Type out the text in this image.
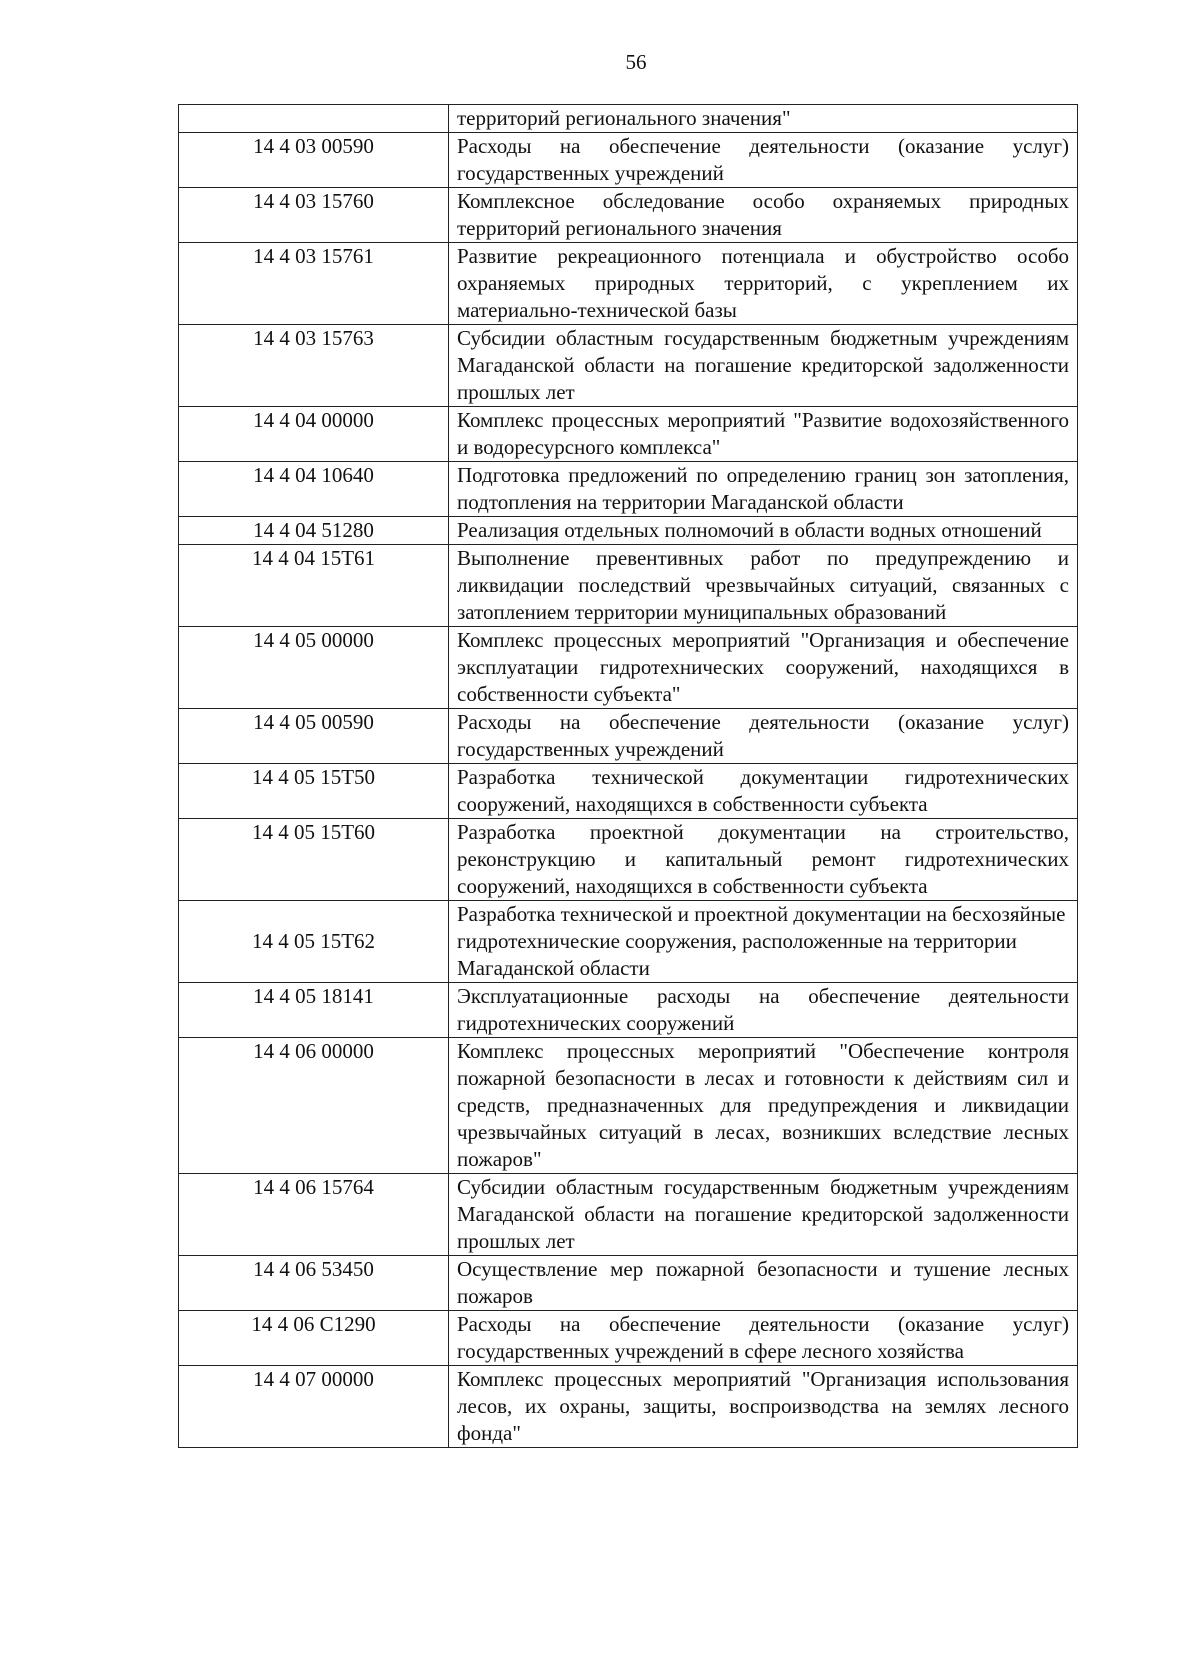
56
	территорий регионального значения"
14 4 03 00590	Расходы на обеспечение деятельности (оказание услуг) государственных учреждений
14 4 03 15760	Комплексное обследование особо охраняемых природных территорий регионального значения
14 4 03 15761	Развитие рекреационного потенциала и обустройство особо охраняемых природных территорий, с укреплением их материально-технической базы
14 4 03 15763	Субсидии областным государственным бюджетным учреждениям Магаданской области на погашение кредиторской задолженности прошлых лет
14 4 04 00000	Комплекс процессных мероприятий "Развитие водохозяйственного и водоресурсного комплекса"
14 4 04 10640	Подготовка предложений по определению границ зон затопления, подтопления на территории Магаданской области
14 4 04 51280	Реализация отдельных полномочий в области водных отношений
14 4 04 15Т61	Выполнение превентивных работ по предупреждению и ликвидации последствий чрезвычайных ситуаций, связанных с затоплением территории муниципальных образований
14 4 05 00000	Комплекс процессных мероприятий "Организация и обеспечение эксплуатации гидротехнических сооружений, находящихся в собственности субъекта"
14 4 05 00590	Расходы на обеспечение деятельности (оказание услуг) государственных учреждений
14 4 05 15Т50	Разработка технической документации гидротехнических сооружений, находящихся в собственности субъекта
14 4 05 15Т60	Разработка проектной документации на строительство, реконструкцию и капитальный ремонт гидротехнических сооружений, находящихся в собственности субъекта
14 4 05 15Т62	Разработка технической и проектной документации на бесхозяйные гидротехнические сооружения, расположенные на территории Магаданской области
14 4 05 18141	Эксплуатационные расходы на обеспечение деятельности гидротехнических сооружений
14 4 06 00000	Комплекс процессных мероприятий "Обеспечение контроля пожарной безопасности в лесах и готовности к действиям сил и средств, предназначенных для предупреждения и ликвидации чрезвычайных ситуаций в лесах, возникших вследствие лесных пожаров"
14 4 06 15764	Субсидии областным государственным бюджетным учреждениям Магаданской области на погашение кредиторской задолженности прошлых лет
14 4 06 53450	Осуществление мер пожарной безопасности и тушение лесных пожаров
14 4 06 С1290	Расходы на обеспечение деятельности (оказание услуг) государственных учреждений в сфере лесного хозяйства
14 4 07 00000	Комплекс процессных мероприятий "Организация использования лесов, их охраны, защиты, воспроизводства на землях лесного фонда"
